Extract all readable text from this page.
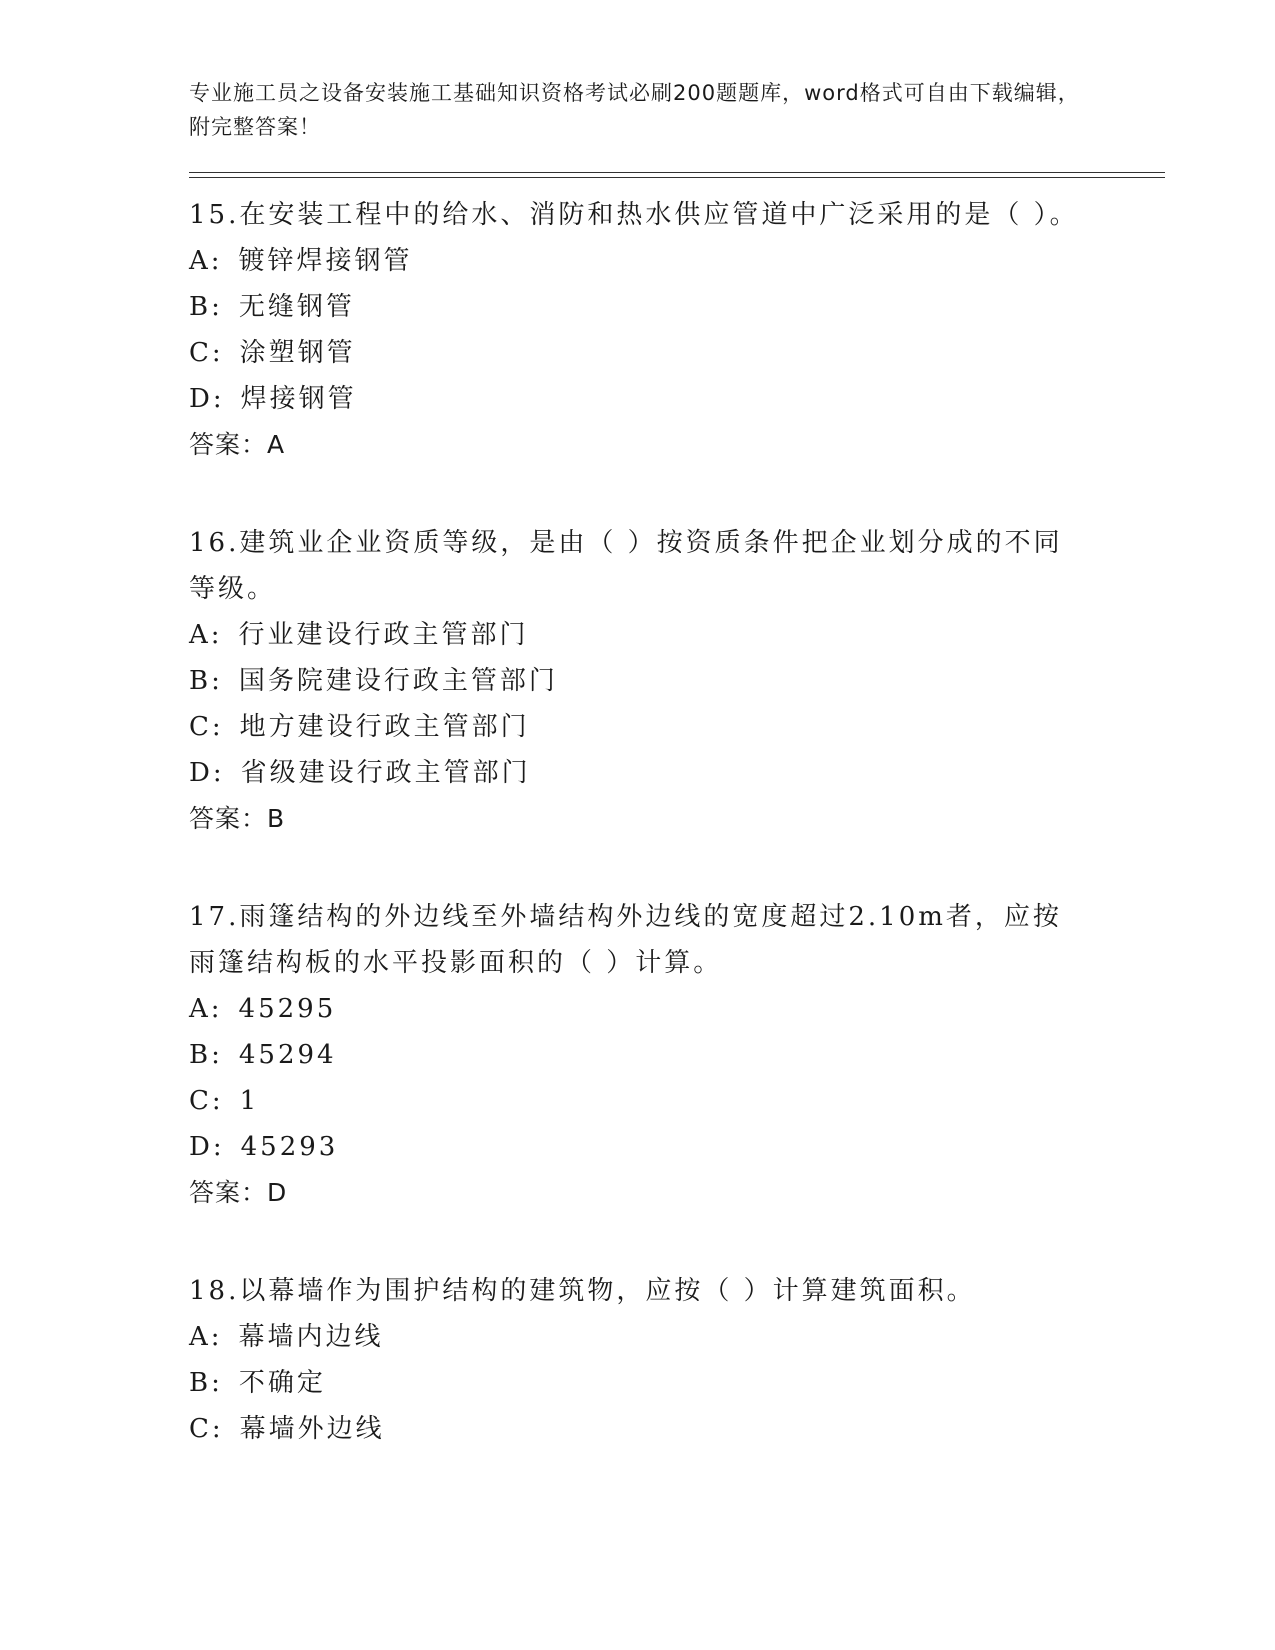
专业施工员之设备安装施工基础知识资格考试必刷200题题库，word格式可自由下载编辑，附完整答案！
15.在安装工程中的给水、消防和热水供应管道中广泛采用的是（ ）。
A: 镀锌焊接钢管
B: 无缝钢管
C: 涂塑钢管
D: 焊接钢管
答案：A
16.建筑业企业资质等级，是由（ ）按资质条件把企业划分成的不同等级。
A: 行业建设行政主管部门
B: 国务院建设行政主管部门
C: 地方建设行政主管部门
D: 省级建设行政主管部门
答案：B
17.雨篷结构的外边线至外墙结构外边线的宽度超过2.10m者，应按雨篷结构板的水平投影面积的（ ）计算。
A: 45295
B: 45294
C: 1
D: 45293
答案：D
18.以幕墙作为围护结构的建筑物，应按（ ）计算建筑面积。
A: 幕墙内边线
B: 不确定
C: 幕墙外边线
